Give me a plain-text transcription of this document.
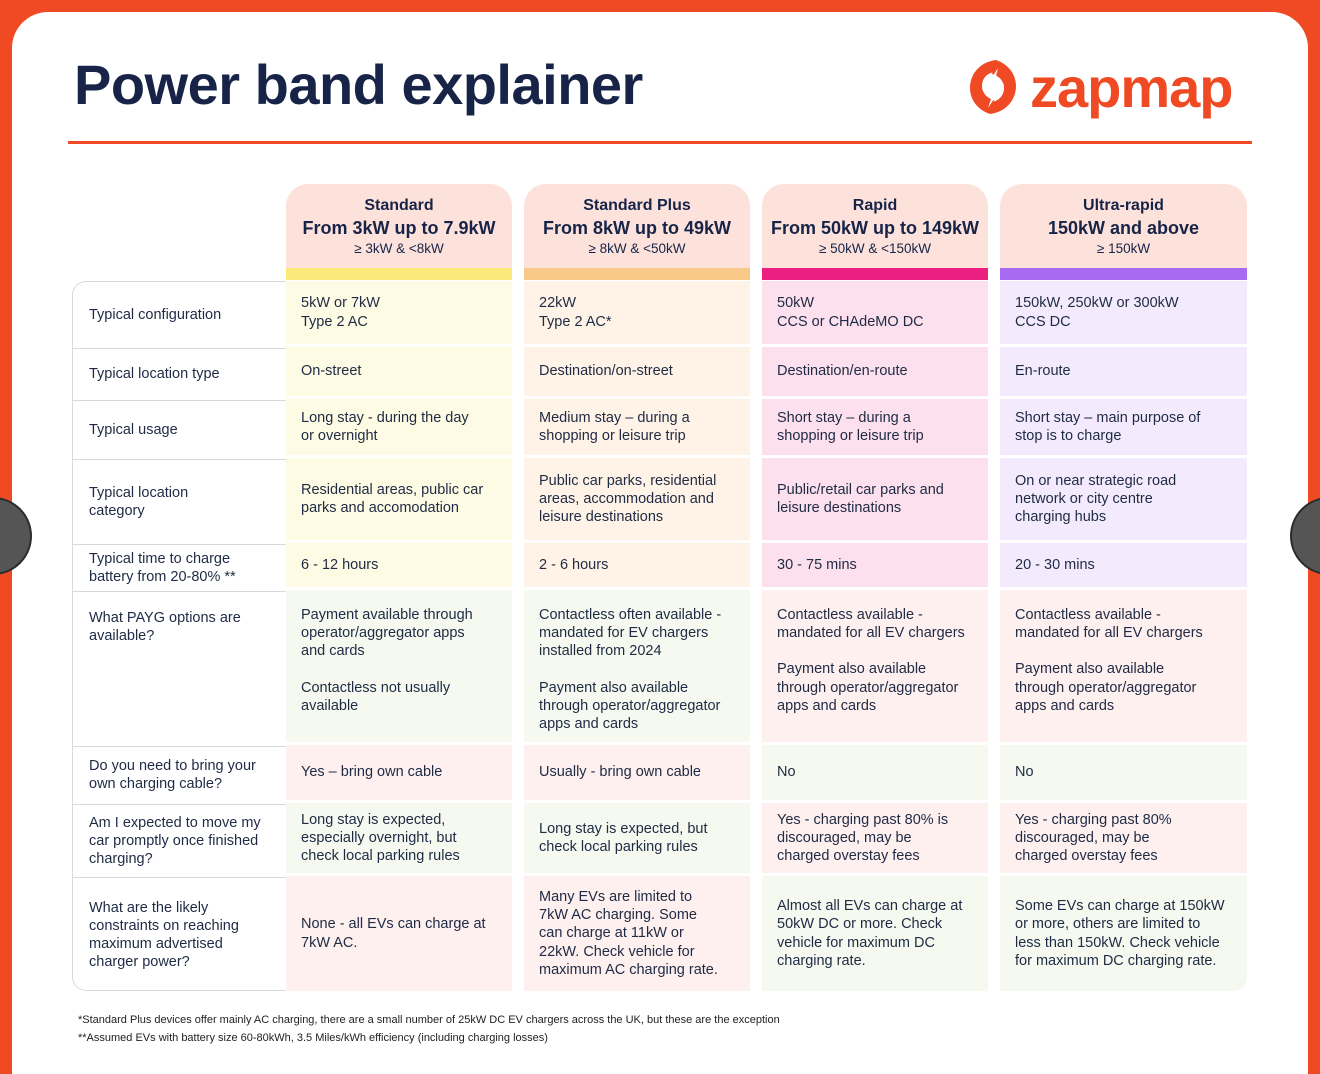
Power band explainer	zapmap
Typical configuration
Typical location type
Typical usage
Typical location category
Typical time to charge battery from 20-80% **
What PAYG options are available?
Do you need to bring your own charging cable?
Am I expected to move my car promptly once finished charging?
What are the likely constraints on reaching maximum advertised charger power?
Standard
From 3kW up to 7.9kW
≥ 3kW & <8kW
5kW or 7kW
Type 2 AC
On-street
Long stay - during the day
or overnight
Residential areas, public car
parks and accomodation
6 - 12 hours
Payment available through
operator/aggregator apps
and cards
Contactless not usually
available
Yes – bring own cable
Long stay is expected,
especially overnight, but
check local parking rules
None - all EVs can charge at
7kW AC.
Standard Plus
From 8kW up to 49kW
≥ 8kW & <50kW
22kW
Type 2 AC*
Destination/on-street
Medium stay – during a
shopping or leisure trip
Public car parks, residential
areas, accommodation and
leisure destinations
2 - 6 hours
Contactless often available -
mandated for EV chargers
installed from 2024
Payment also available
through operator/aggregator
apps and cards
Usually - bring own cable
Long stay is expected, but
check local parking rules
Many EVs are limited to
7kW AC charging. Some
can charge at 11kW or
22kW. Check vehicle for
maximum AC charging rate.
Rapid
From 50kW up to 149kW
≥ 50kW & <150kW
50kW
CCS or CHAdeMO DC
Destination/en-route
Short stay – during a
shopping or leisure trip
Public/retail car parks and
leisure destinations
30 - 75 mins
Contactless available -
mandated for all EV chargers
Payment also available
through operator/aggregator
apps and cards
No
Yes - charging past 80% is
discouraged, may be
charged overstay fees
Almost all EVs can charge at
50kW DC or more. Check
vehicle for maximum DC
charging rate.
Ultra-rapid
150kW and above
≥ 150kW
150kW, 250kW or 300kW
CCS DC
En-route
Short stay – main purpose of
stop is to charge
On or near strategic road
network or city centre
charging hubs
20 - 30 mins
Contactless available -
mandated for all EV chargers
Payment also available
through operator/aggregator
apps and cards
No
Yes - charging past 80%
discouraged, may be
charged overstay fees
Some EVs can charge at 150kW
or more, others are limited to
less than 150kW. Check vehicle
for maximum DC charging rate.
*Standard Plus devices offer mainly AC charging, there are a small number of 25kW DC EV chargers across the UK, but these are the exception
**Assumed EVs with battery size 60-80kWh, 3.5 Miles/kWh efficiency (including charging losses)
